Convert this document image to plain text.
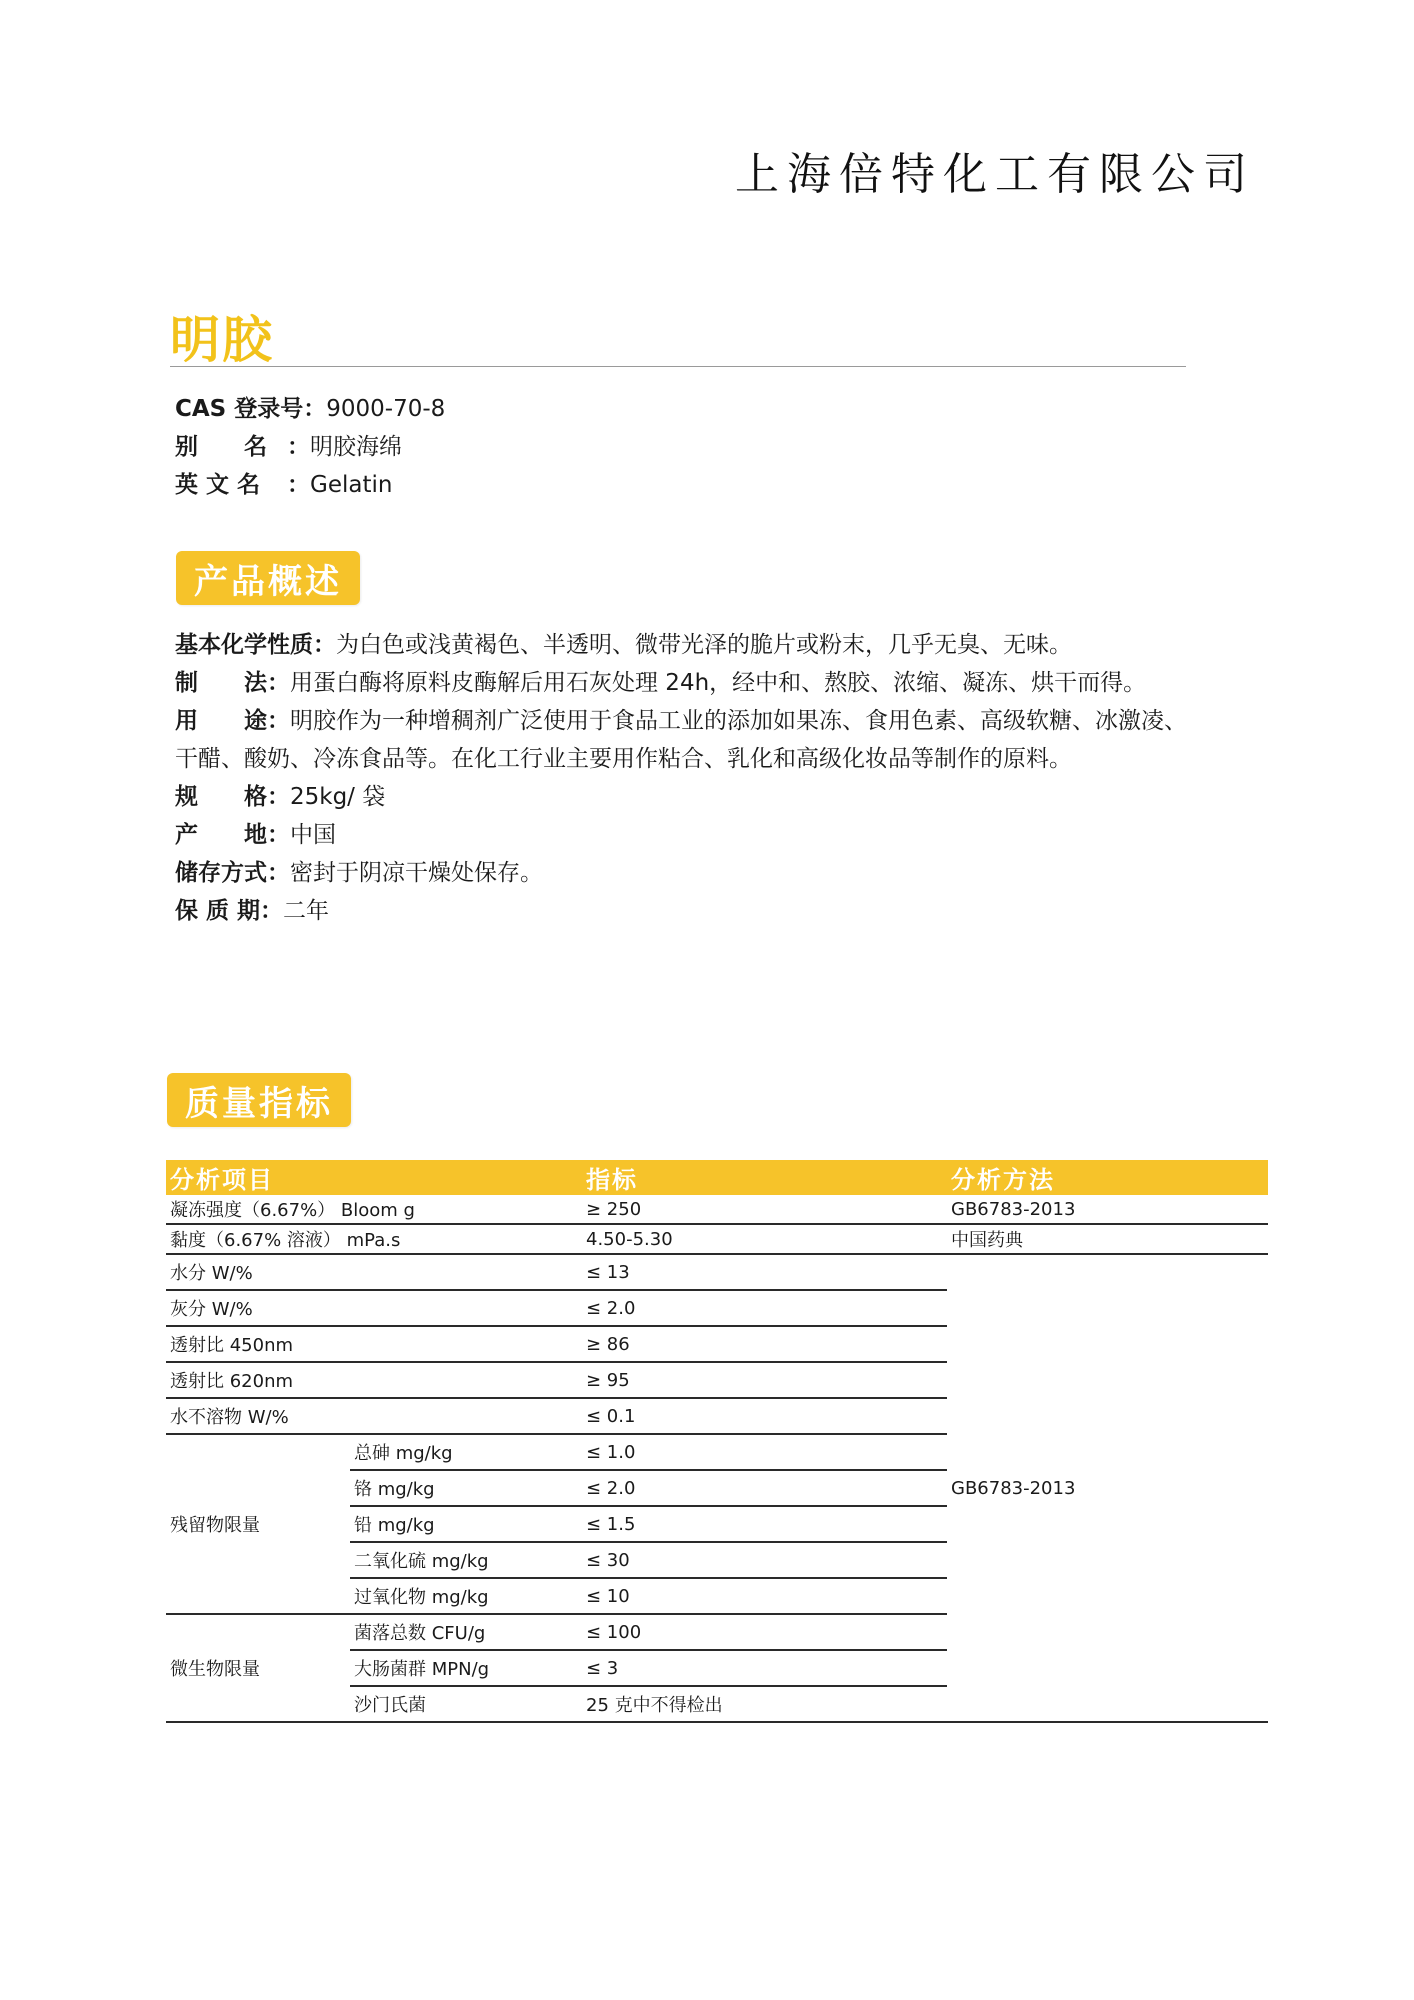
上海倍特化工有限公司
明胶
CAS 登录号：9000-70-8
别　　名 ：明胶海绵
英 文 名 ：Gelatin
产品概述
基本化学性质：为白色或浅黄褐色、半透明、微带光泽的脆片或粉末，几乎无臭、无味。
制　　法：用蛋白酶将原料皮酶解后用石灰处理 24h，经中和、熬胶、浓缩、凝冻、烘干而得。
用　　途：明胶作为一种增稠剂广泛使用于食品工业的添加如果冻、食用色素、高级软糖、冰激凌、
干醋、酸奶、冷冻食品等。在化工行业主要用作粘合、乳化和高级化妆品等制作的原料。
规　　格：25kg/ 袋
产　　地：中国
储存方式：密封于阴凉干燥处保存。
保 质 期：二年
质量指标
分析项目		指标	分析方法
凝冻强度（6.67%） Bloom g		≥ 250	GB6783-2013
黏度（6.67% 溶液） mPa.s		4.50-5.30	中国药典
水分 W/%		≤ 13	GB6783-2013
灰分 W/%		≤ 2.0	
透射比 450nm		≥ 86	
透射比 620nm		≥ 95	
水不溶物 W/%		≤ 0.1	
残留物限量	总砷 mg/kg	≤ 1.0	
	铬 mg/kg	≤ 2.0	
	铅 mg/kg	≤ 1.5	
	二氧化硫 mg/kg	≤ 30	
	过氧化物 mg/kg	≤ 10	
微生物限量	菌落总数 CFU/g	≤ 100	
	大肠菌群 MPN/g	≤ 3	
	沙门氏菌	25 克中不得检出	
